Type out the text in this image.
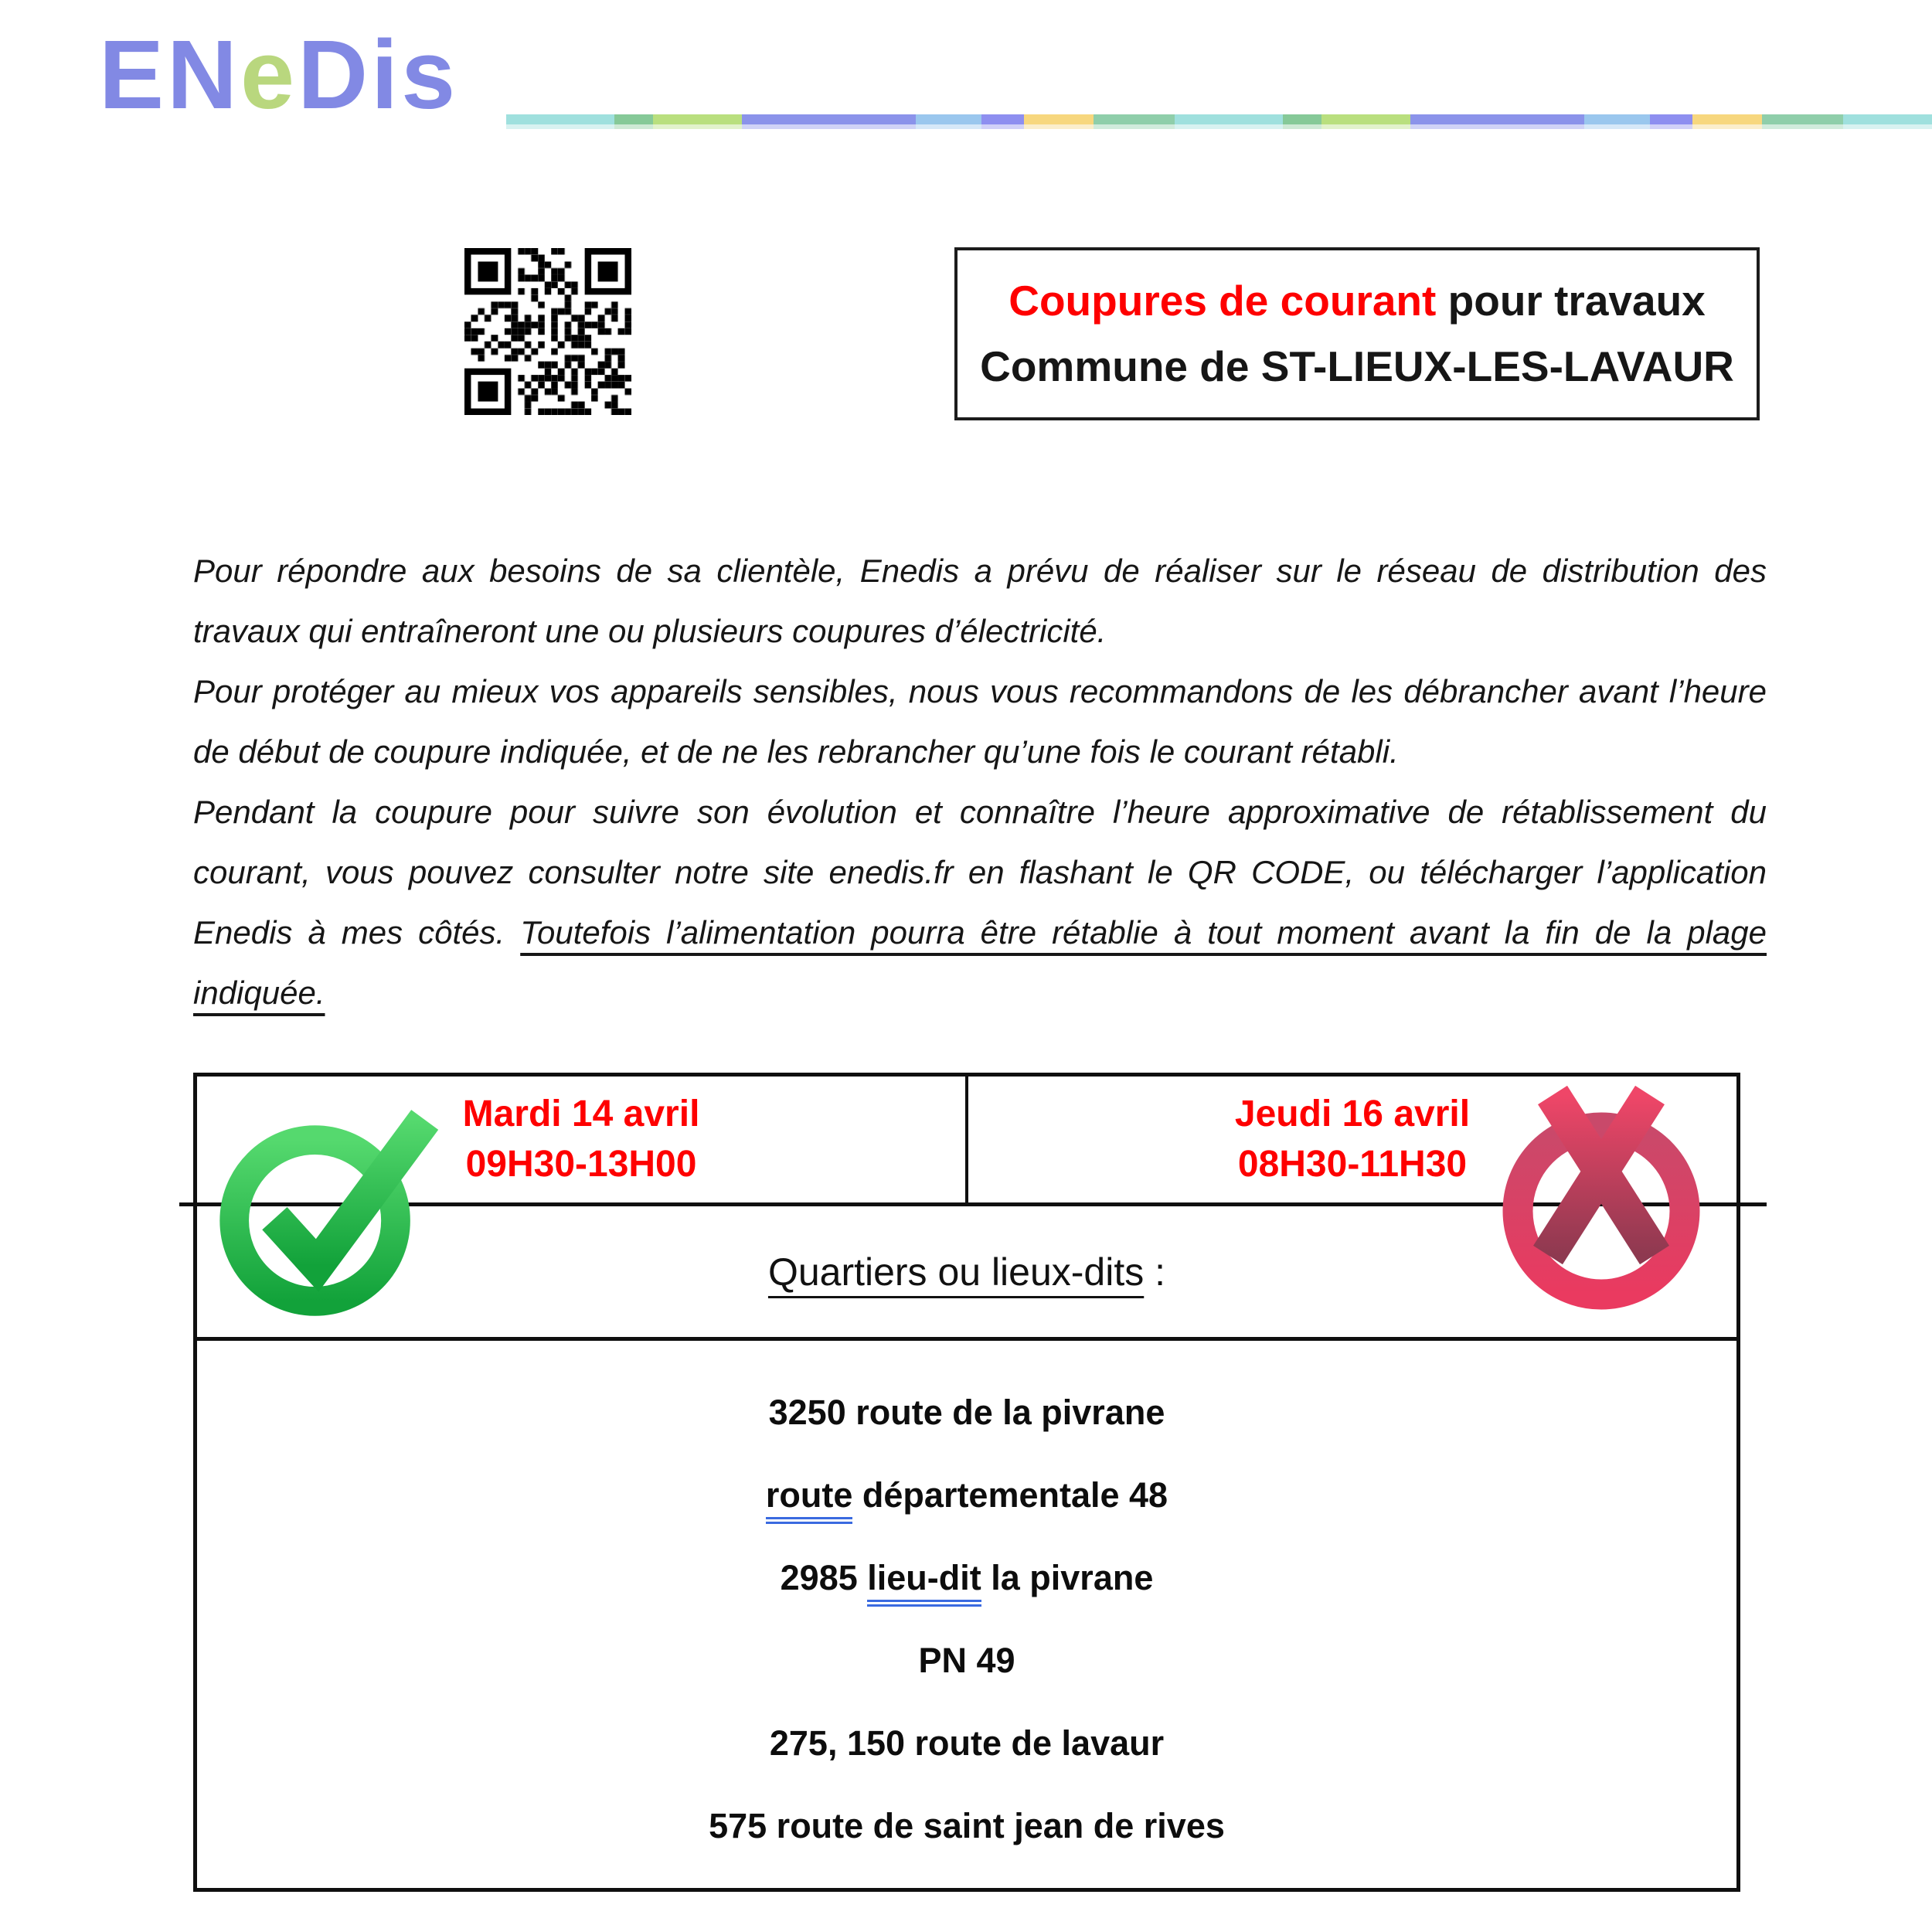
ENeDis
Coupures de courant pour travaux
Commune de ST-LIEUX-LES-LAVAUR

Pour répondre aux besoins de sa clientèle, Enedis a prévu de réaliser sur le réseau de distribution des travaux qui entraîneront une ou plusieurs coupures d’électricité.

Pour protéger au mieux vos appareils sensibles, nous vous recommandons de les débrancher avant l’heure de début de coupure indiquée, et de ne les rebrancher qu’une fois le courant rétabli.

Pendant la coupure pour suivre son évolution et connaître l’heure approximative de rétablissement du courant, vous pouvez consulter notre site enedis.fr en flashant le QR CODE, ou télécharger l’application Enedis à mes côtés. Toutefois l’alimentation pourra être rétablie à tout moment avant la fin de la plage indiquée.

Mardi 14 avril
09H30-13H00
Jeudi 16 avril
08H30-11H30
Quartiers ou lieux-dits :
3250 route de la pivrane
route départementale 48
2985 lieu-dit la pivrane
PN 49
275, 150 route de lavaur
575 route de saint jean de rives
